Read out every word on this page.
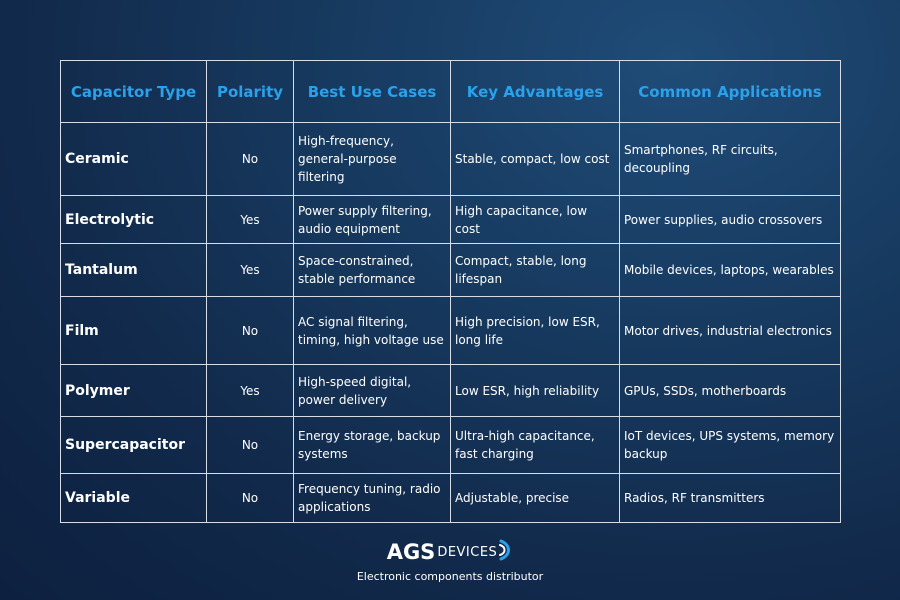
Capacitor Type	Polarity	Best Use Cases	Key Advantages	Common Applications
Ceramic	No	High-frequency, general-purpose filtering	Stable, compact, low cost	Smartphones, RF circuits, decoupling
Electrolytic	Yes	Power supply filtering, audio equipment	High capacitance, low cost	Power supplies, audio crossovers
Tantalum	Yes	Space-constrained, stable performance	Compact, stable, long lifespan	Mobile devices, laptops, wearables
Film	No	AC signal filtering, timing, high voltage use	High precision, low ESR, long life	Motor drives, industrial electronics
Polymer	Yes	High-speed digital, power delivery	Low ESR, high reliability	GPUs, SSDs, motherboards
Supercapacitor	No	Energy storage, backup systems	Ultra-high capacitance, fast charging	IoT devices, UPS systems, memory backup
Variable	No	Frequency tuning, radio applications	Adjustable, precise	Radios, RF transmitters
AGS DEVICES
Electronic components distributor
